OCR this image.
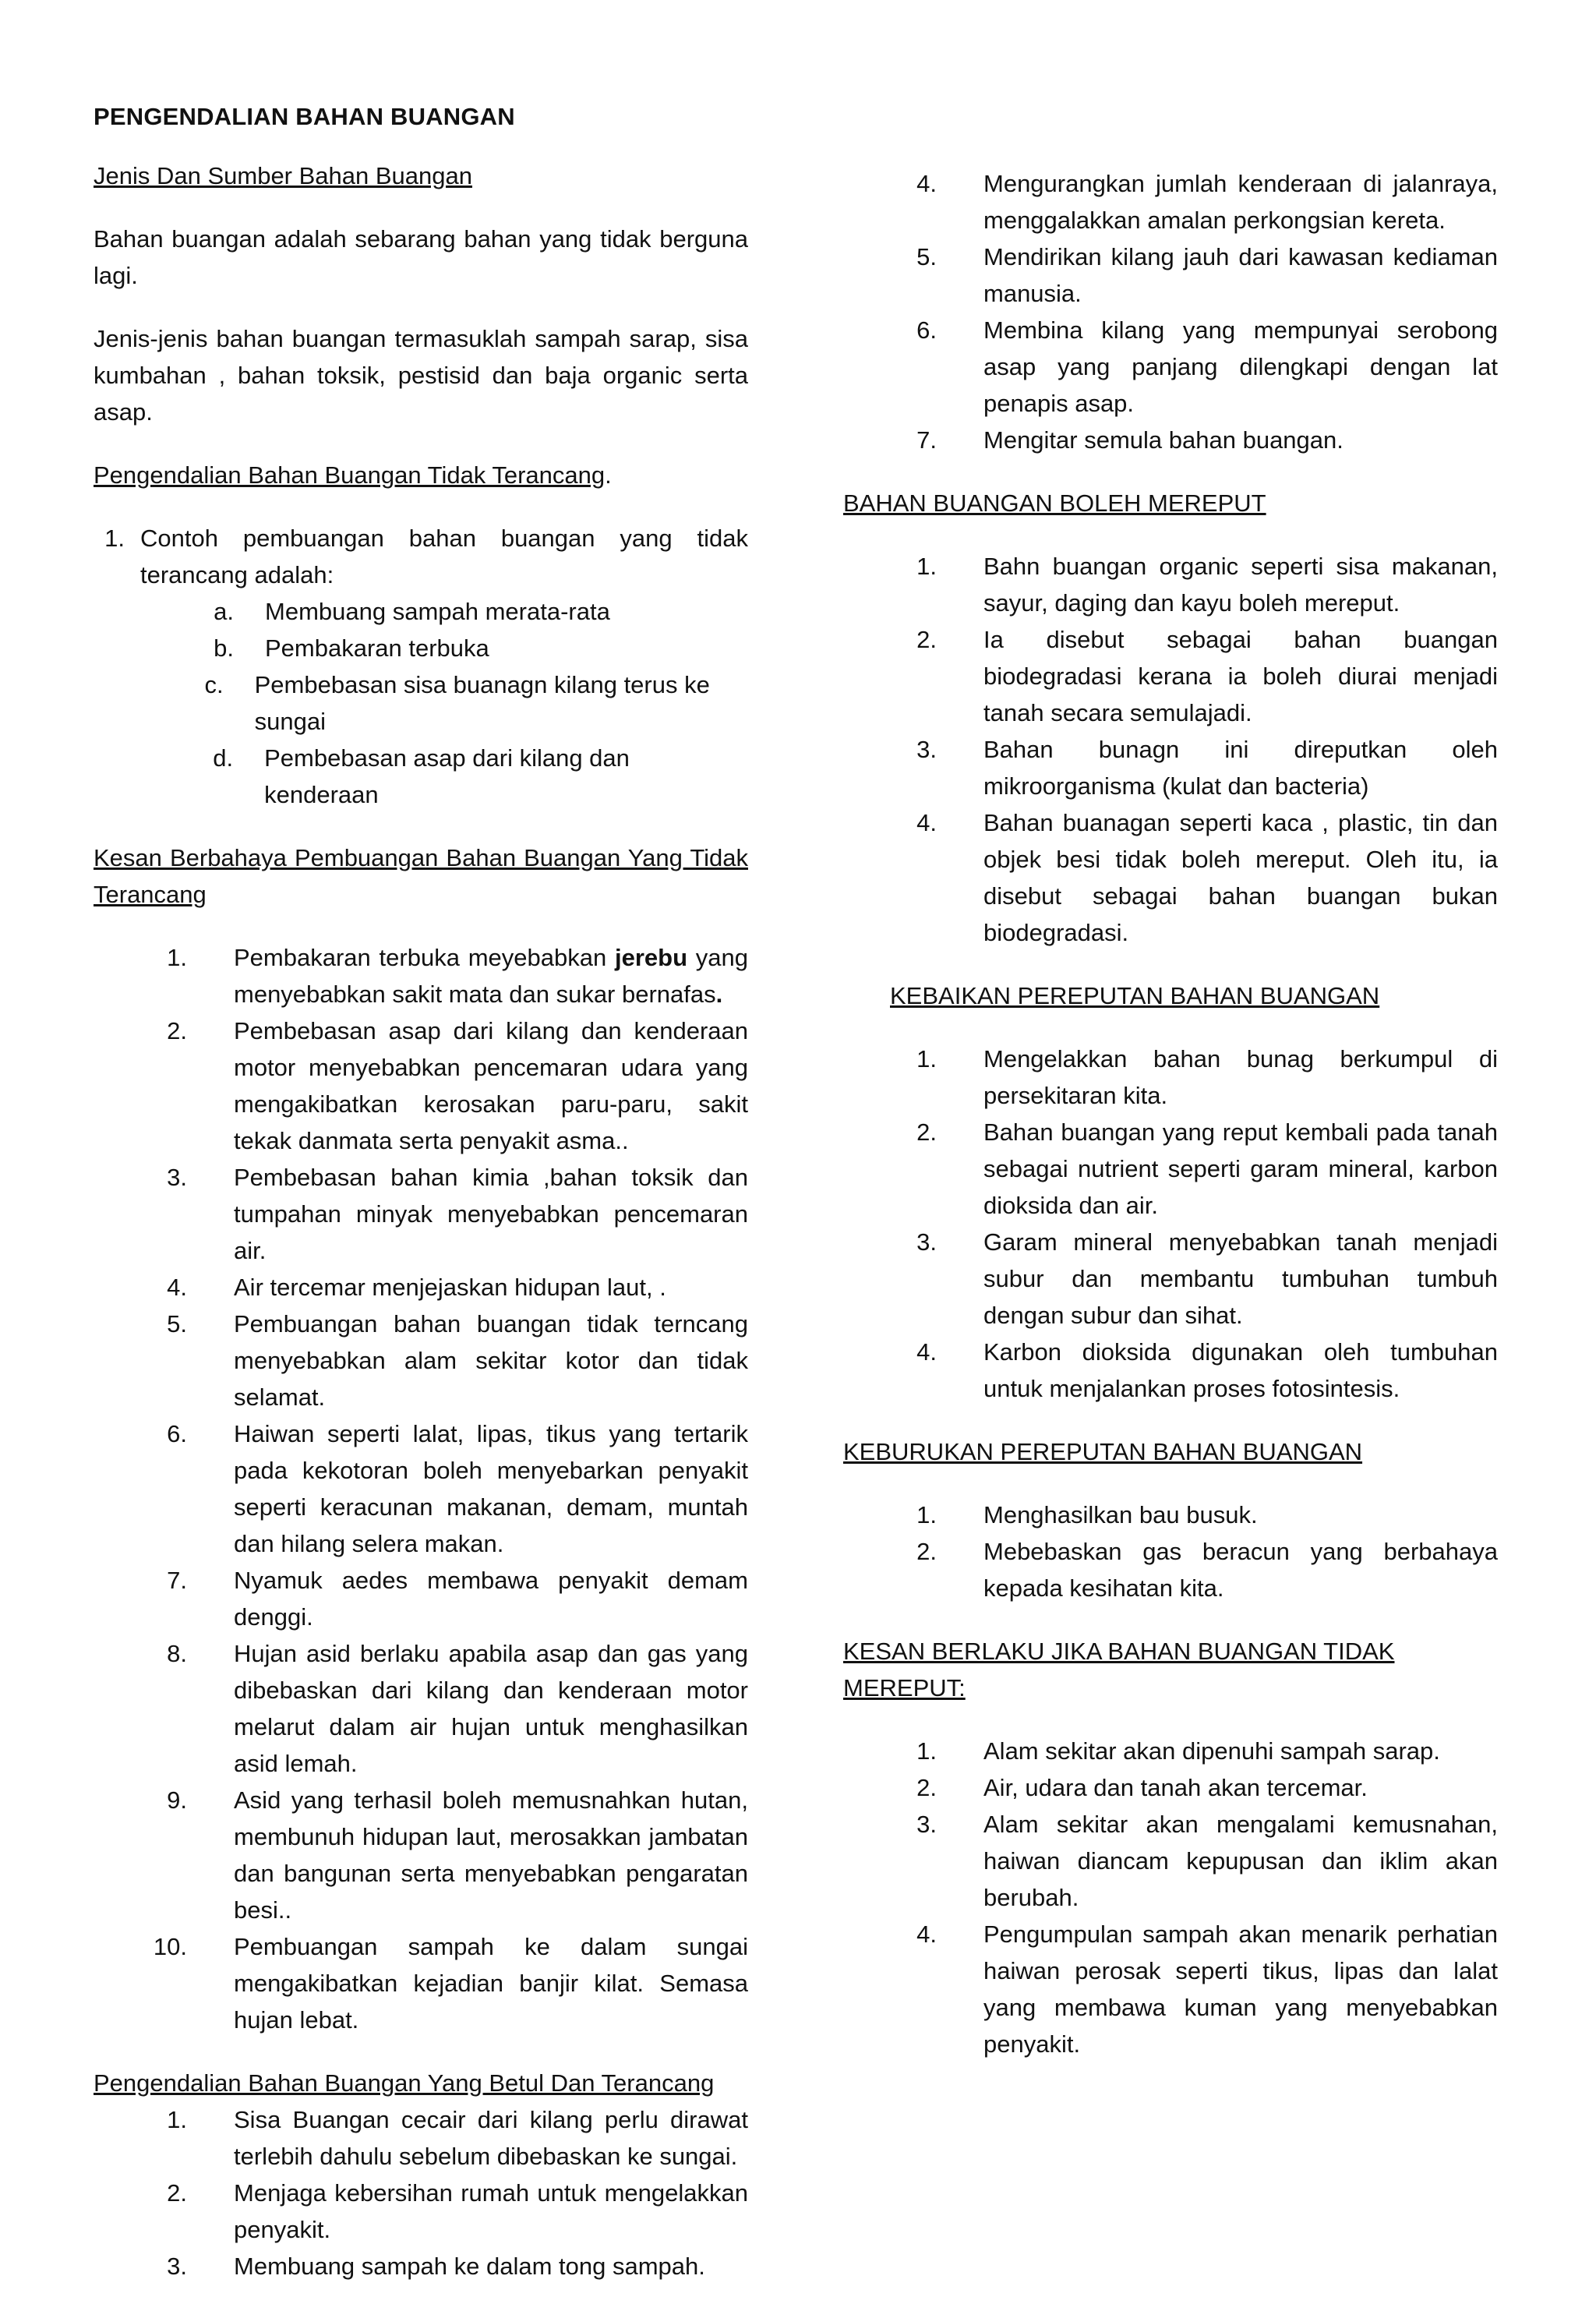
PENGENDALIAN BAHAN BUANGAN
Jenis Dan Sumber Bahan Buangan
Bahan buangan adalah sebarang bahan yang tidak berguna lagi.
Jenis-jenis bahan buangan termasuklah sampah sarap, sisa kumbahan , bahan toksik, pestisid dan baja organic serta asap.
Pengendalian Bahan Buangan Tidak Terancang.
1. Contoh pembuangan bahan buangan yang tidak terancang adalah:
a.	Membuang sampah merata-rata
b.	Pembakaran terbuka
c.	Pembebasan sisa buanagn kilang terus ke sungai
d.	Pembebasan asap dari kilang dan kenderaan
Kesan Berbahaya Pembuangan Bahan Buangan Yang Tidak Terancang
1.	Pembakaran terbuka meyebabkan jerebu yang menyebabkan sakit mata dan sukar bernafas.
2.	Pembebasan asap dari kilang dan kenderaan motor menyebabkan pencemaran udara yang mengakibatkan kerosakan paru-paru, sakit tekak danmata serta penyakit asma..
3.	Pembebasan bahan kimia ,bahan toksik dan tumpahan minyak menyebabkan pencemaran air.
4.	Air tercemar menjejaskan hidupan laut, .
5.	Pembuangan bahan buangan tidak terncang menyebabkan alam sekitar kotor dan tidak selamat.
6.	Haiwan seperti lalat, lipas, tikus yang tertarik pada kekotoran boleh menyebarkan penyakit seperti keracunan makanan, demam, muntah dan hilang selera makan.
7.	Nyamuk aedes membawa penyakit demam denggi.
8.	Hujan asid berlaku apabila asap dan gas yang dibebaskan dari kilang dan kenderaan motor melarut dalam air hujan untuk menghasilkan asid lemah.
9.	Asid yang terhasil boleh memusnahkan hutan, membunuh hidupan laut, merosakkan jambatan dan bangunan serta menyebabkan pengaratan besi..
10.	Pembuangan sampah ke dalam sungai mengakibatkan kejadian banjir kilat. Semasa hujan lebat.
Pengendalian Bahan Buangan Yang Betul Dan Terancang
1.	Sisa Buangan cecair dari kilang perlu dirawat terlebih dahulu sebelum dibebaskan ke sungai.
2.	Menjaga kebersihan rumah untuk mengelakkan penyakit.
3.	Membuang sampah ke dalam tong sampah.
4.	Mengurangkan jumlah kenderaan di jalanraya, menggalakkan amalan perkongsian kereta.
5.	Mendirikan kilang jauh dari kawasan kediaman manusia.
6.	Membina kilang yang mempunyai serobong asap yang panjang dilengkapi dengan lat penapis asap.
7.	Mengitar semula bahan buangan.
BAHAN BUANGAN BOLEH MEREPUT
1.	Bahn buangan organic seperti sisa makanan, sayur, daging dan kayu boleh mereput.
2.	Ia disebut sebagai bahan buangan biodegradasi kerana ia boleh diurai menjadi tanah secara semulajadi.
3.	Bahan bunagn ini direputkan oleh mikroorganisma (kulat dan bacteria)
4.	Bahan buanagan seperti kaca , plastic, tin dan objek besi tidak boleh mereput. Oleh itu, ia disebut sebagai bahan buangan bukan biodegradasi.
KEBAIKAN PEREPUTAN BAHAN BUANGAN
1.	Mengelakkan bahan bunag berkumpul di persekitaran kita.
2.	Bahan buangan yang reput kembali pada tanah sebagai nutrient seperti garam mineral, karbon dioksida dan air.
3.	Garam mineral menyebabkan tanah menjadi subur dan membantu tumbuhan tumbuh dengan subur dan sihat.
4.	Karbon dioksida digunakan oleh tumbuhan untuk menjalankan proses fotosintesis.
KEBURUKAN PEREPUTAN BAHAN BUANGAN
1.	Menghasilkan bau busuk.
2.	Mebebaskan gas beracun yang berbahaya kepada kesihatan kita.
KESAN BERLAKU JIKA BAHAN BUANGAN TIDAK MEREPUT:
1.	Alam sekitar akan dipenuhi sampah sarap.
2.	Air, udara dan tanah akan tercemar.
3.	Alam sekitar akan mengalami kemusnahan, haiwan diancam kepupusan dan iklim akan berubah.
4.	Pengumpulan sampah akan menarik perhatian haiwan perosak seperti tikus, lipas dan lalat yang membawa kuman yang menyebabkan penyakit.
